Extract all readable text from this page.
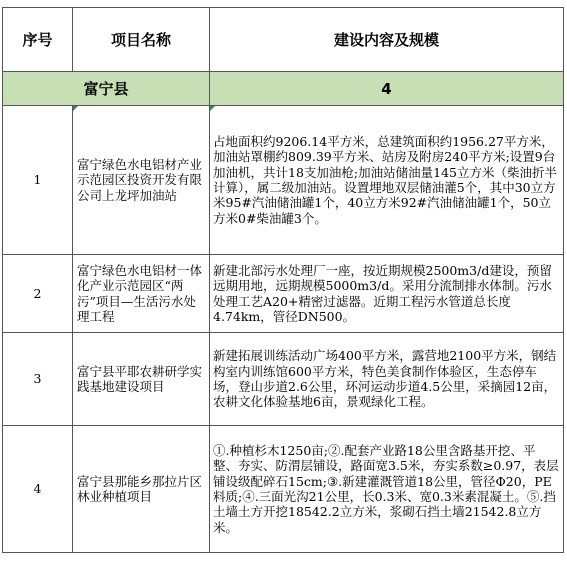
序号	项目名称	建设内容及规模
富宁县		4
1	富宁绿色水电铝材产业示范园区投资开发有限公司上龙坪加油站	占地面积约9206.14平方米，总建筑面积约1956.27平方米，加油站罩棚约809.39平方米、站房及附房240平方米;设置9台加油机，共计18支加油枪;加油站储油量145立方米（柴油折半计算），属二级加油站。设置埋地双层储油灌5个，其中30立方米95#汽油储油罐1个，40立方米92#汽油储油罐1个，50立方米0#柴油罐3个。
2	富宁绿色水电铝材一体化产业示范园区“两污”项目—生活污水处理工程	新建北部污水处理厂一座，按近期规模2500m3/d建设，预留远期用地，远期规模5000m3/d。采用分流制排水体制。污水处理工艺A20+精密过滤器。近期工程污水管道总长度4.74km，管径DN500。
3	富宁县平耶农耕研学实践基地建设项目	新建拓展训练活动广场400平方米，露营地2100平方米，钢结构室内训练馆600平方米，特色美食制作体验区，生态停车场，登山步道2.6公里，环河运动步道4.5公里，采摘园12亩，农耕文化体验基地6亩，景观绿化工程。
4	富宁县那能乡那拉片区林业种植项目	①.种植杉木1250亩;②.配套产业路18公里含路基开挖、平整、夯实、防渭层铺设，路面宽3.5米，夯实系数≥0.97，表层铺设级配碎石15cm;③.新建灌溉管道18公里，管径Φ20，PE料质;④.三面光沟21公里，长0.3米、宽0.3米素混凝土。⑤.挡土墙土方开挖18542.2立方米，浆砌石挡土墙21542.8立方米。
